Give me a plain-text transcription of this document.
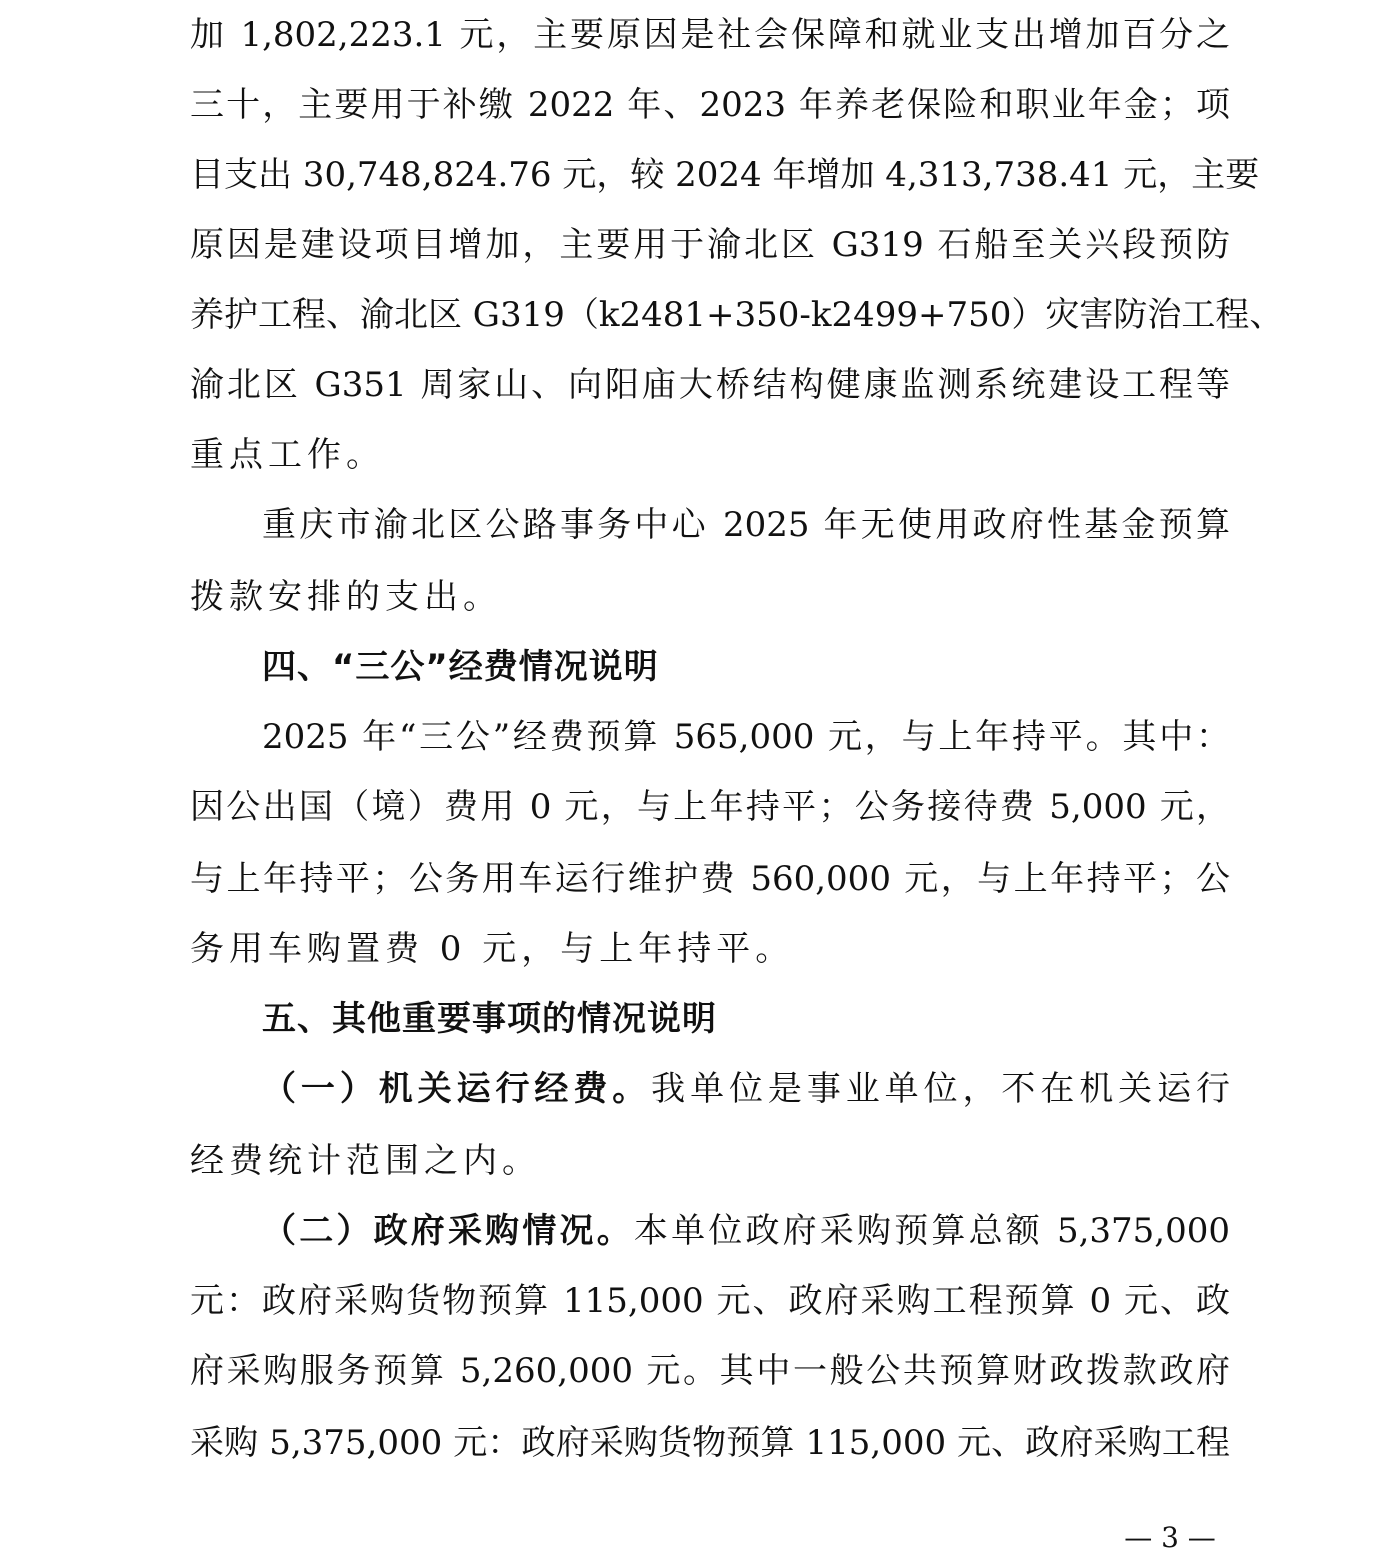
加 1,802,223.1 元，主要原因是社会保障和就业支出增加百分之
三十，主要用于补缴 2022 年、2023 年养老保险和职业年金；项
目支出 30,748,824.76 元，较 2024 年增加 4,313,738.41 元，主要
原因是建设项目增加，主要用于渝北区 G319 石船至关兴段预防
养护工程、渝北区 G319（k2481+350-k2499+750）灾害防治工程、
渝北区 G351 周家山、向阳庙大桥结构健康监测系统建设工程等
重点工作。
重庆市渝北区公路事务中心 2025 年无使用政府性基金预算
拨款安排的支出。
四、“三公”经费情况说明
2025 年“三公”经费预算 565,000 元，与上年持平。其中：
因公出国（境）费用 0 元，与上年持平；公务接待费 5,000 元，
与上年持平；公务用车运行维护费 560,000 元，与上年持平；公
务用车购置费 0 元，与上年持平。
五、其他重要事项的情况说明
（一）机关运行经费。我单位是事业单位，不在机关运行
经费统计范围之内。
（二）政府采购情况。本单位政府采购预算总额 5,375,000
元：政府采购货物预算 115,000 元、政府采购工程预算 0 元、政
府采购服务预算 5,260,000 元。其中一般公共预算财政拨款政府
采购 5,375,000 元：政府采购货物预算 115,000 元、政府采购工程
— 3 —
